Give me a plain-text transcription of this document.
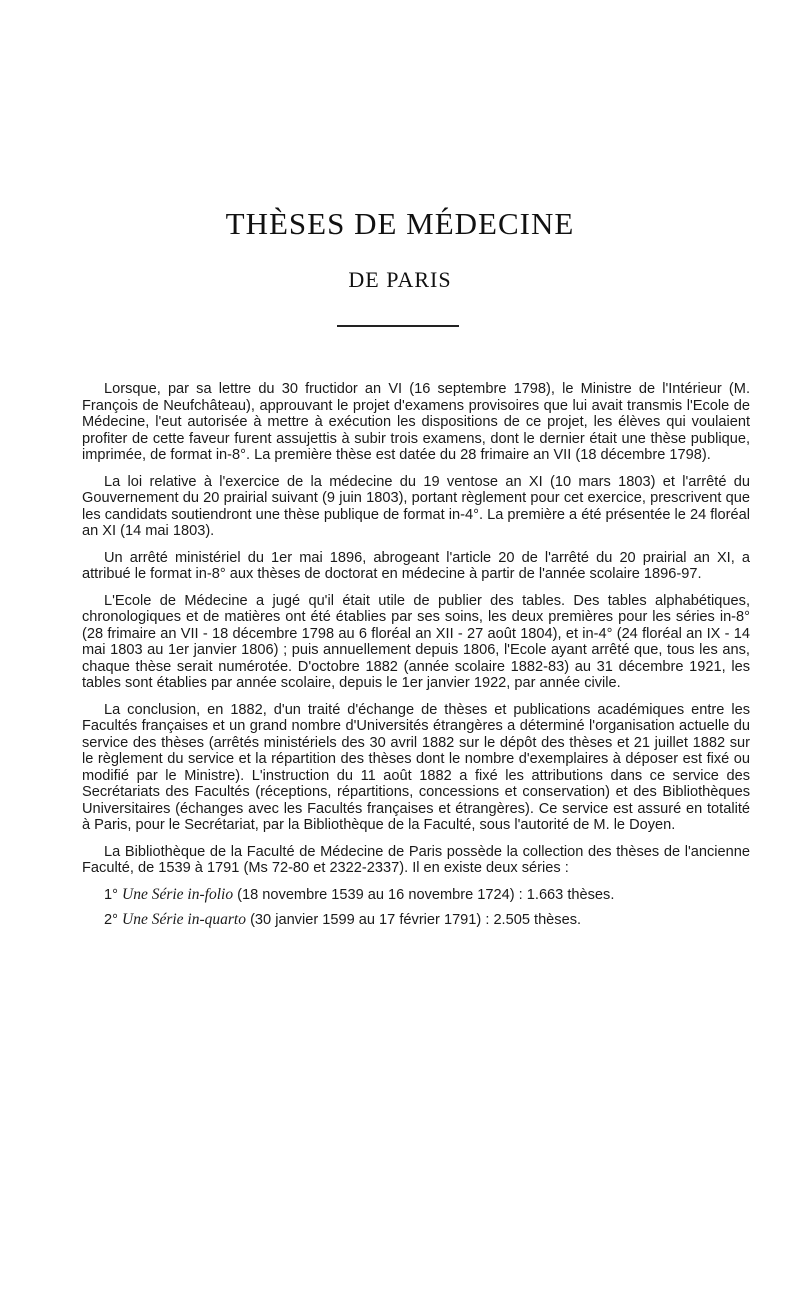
THÈSES DE MÉDECINE
DE PARIS

Lorsque, par sa lettre du 30 fructidor an VI (16 septembre 1798), le Ministre de l'Intérieur (M. François de Neufchâteau), approuvant le projet d'examens provisoires que lui avait transmis l'Ecole de Médecine, l'eut autorisée à mettre à exécution les dispositions de ce projet, les élèves qui voulaient profiter de cette faveur furent assujettis à subir trois examens, dont le dernier était une thèse publique, imprimée, de format in-8°. La première thèse est datée du 28 frimaire an VII (18 décembre 1798).

La loi relative à l'exercice de la médecine du 19 ventose an XI (10 mars 1803) et l'arrêté du Gouvernement du 20 prairial suivant (9 juin 1803), portant règlement pour cet exercice, prescrivent que les candidats soutiendront une thèse publique de format in-4°. La première a été présentée le 24 floréal an XI (14 mai 1803).

Un arrêté ministériel du 1er mai 1896, abrogeant l'article 20 de l'arrêté du 20 prairial an XI, a attribué le format in-8° aux thèses de doctorat en médecine à partir de l'année scolaire 1896-97.

L'Ecole de Médecine a jugé qu'il était utile de publier des tables. Des tables alphabétiques, chronologiques et de matières ont été établies par ses soins, les deux premières pour les séries in-8° (28 frimaire an VII - 18 décembre 1798 au 6 floréal an XII - 27 août 1804), et in-4° (24 floréal an IX - 14 mai 1803 au 1er janvier 1806) ; puis annuellement depuis 1806, l'Ecole ayant arrêté que, tous les ans, chaque thèse serait numérotée. D'octobre 1882 (année scolaire 1882-83) au 31 décembre 1921, les tables sont établies par année scolaire, depuis le 1er janvier 1922, par année civile.

La conclusion, en 1882, d'un traité d'échange de thèses et publications académiques entre les Facultés françaises et un grand nombre d'Universités étrangères a déterminé l'organisation actuelle du service des thèses (arrêtés ministériels des 30 avril 1882 sur le dépôt des thèses et 21 juillet 1882 sur le règlement du service et la répartition des thèses dont le nombre d'exemplaires à déposer est fixé ou modifié par le Ministre). L'instruction du 11 août 1882 a fixé les attributions dans ce service des Secrétariats des Facultés (réceptions, répartitions, concessions et conservation) et des Bibliothèques Universitaires (échanges avec les Facultés françaises et étrangères). Ce service est assuré en totalité à Paris, pour le Secrétariat, par la Bibliothèque de la Faculté, sous l'autorité de M. le Doyen.

La Bibliothèque de la Faculté de Médecine de Paris possède la collection des thèses de l'ancienne Faculté, de 1539 à 1791 (Ms 72-80 et 2322-2337). Il en existe deux séries :

1° Une Série in-folio (18 novembre 1539 au 16 novembre 1724) : 1.663 thèses.
2° Une Série in-quarto (30 janvier 1599 au 17 février 1791) : 2.505 thèses.
